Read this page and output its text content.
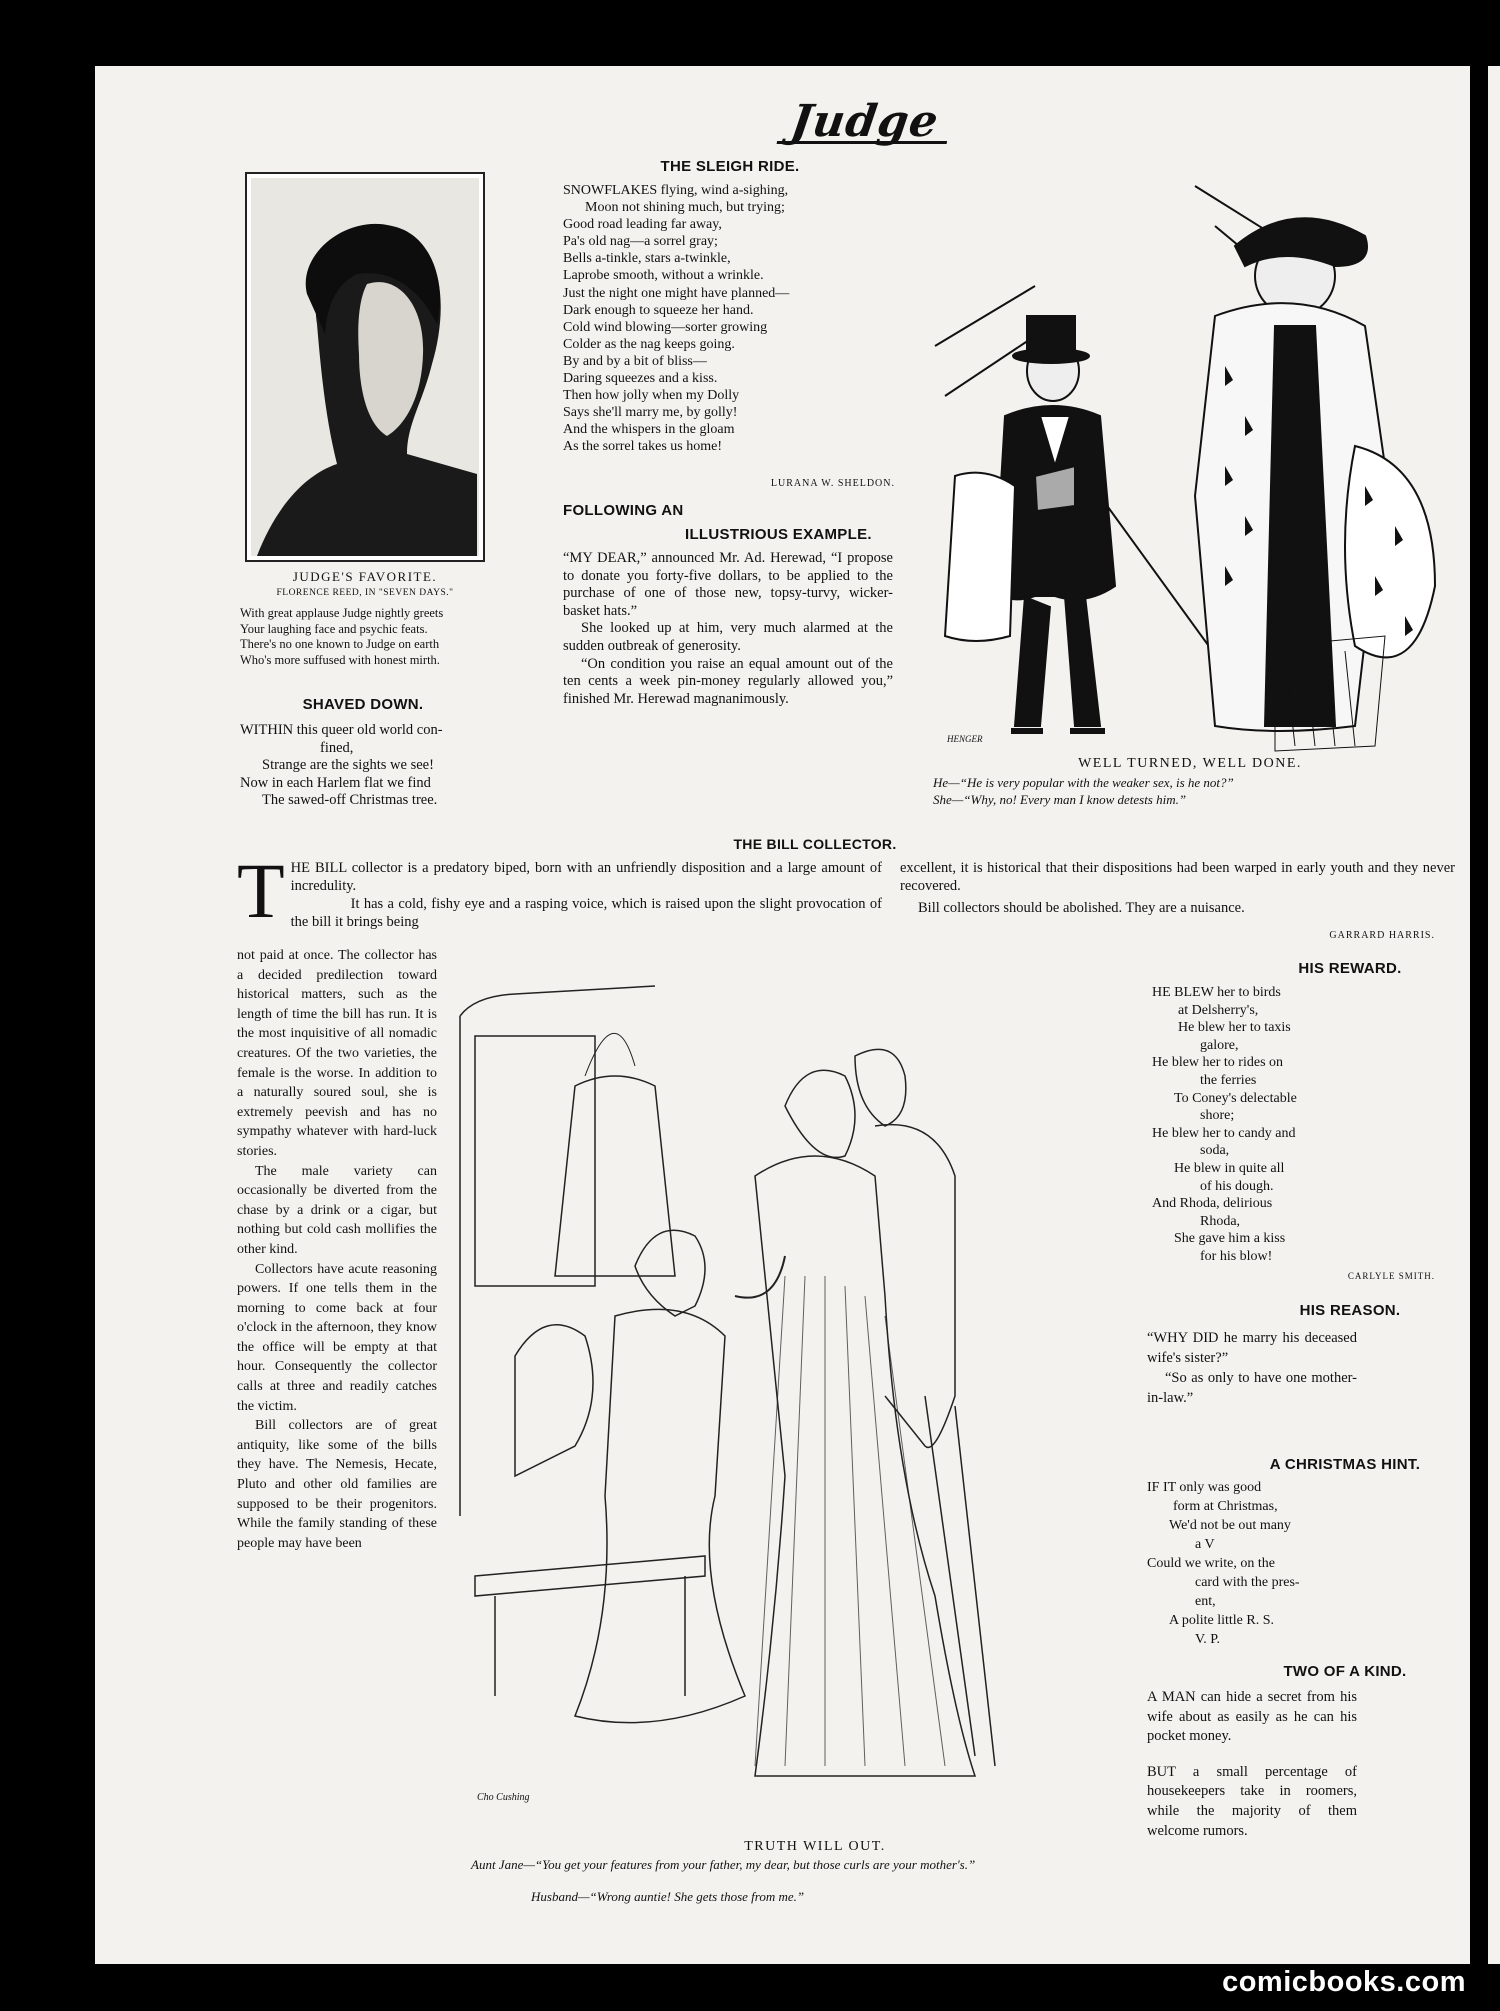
Judge
JUDGE'S FAVORITE.
FLORENCE REED, IN "SEVEN DAYS."
With great applause Judge nightly greets
Your laughing face and psychic feats.
There's no one known to Judge on earth
Who's more suffused with honest mirth.
SHAVED DOWN.
WITHIN this queer old world con-
fined,
Strange are the sights we see!
Now in each Harlem flat we find
The sawed-off Christmas tree.
THE SLEIGH RIDE.
SNOWFLAKES flying, wind a-sighing,
Moon not shining much, but trying;
Good road leading far away,
Pa's old nag—a sorrel gray;
Bells a-tinkle, stars a-twinkle,
Laprobe smooth, without a wrinkle.
Just the night one might have planned—
Dark enough to squeeze her hand.
Cold wind blowing—sorter growing
Colder as the nag keeps going.
By and by a bit of bliss—
Daring squeezes and a kiss.
Then how jolly when my Dolly
Says she'll marry me, by golly!
And the whispers in the gloam
As the sorrel takes us home!
LURANA W. SHELDON.
FOLLOWING AN
ILLUSTRIOUS EXAMPLE.

“MY DEAR,” announced Mr. Ad. Herewad, “I propose to donate you forty-five dollars, to be applied to the purchase of one of those new, topsy-turvy, wicker-basket hats.”

She looked up at him, very much alarmed at the sudden outbreak of generosity.

“On condition you raise an equal amount out of the ten cents a week pin-money regularly allowed you,” finished Mr. Herewad magnanimously.

HENGER
WELL TURNED, WELL DONE.
He—“He is very popular with the weaker sex, is he not?”
She—“Why, no! Every man I know detests him.”
THE BILL COLLECTOR.
T HE BILL collector is a predatory biped, born with an unfriendly disposition and a large amount of incredulity.
It has a cold, fishy eye and a rasping voice, which is raised upon the slight provocation of the bill it brings being

excellent, it is historical that their dispositions had been warped in early youth and they never recovered.

Bill collectors should be abolished. They are a nuisance.

GARRARD HARRIS.

not paid at once. The collector has a decided predilection toward historical matters, such as the length of time the bill has run. It is the most inquisitive of all nomadic creatures. Of the two varieties, the female is the worse. In addition to a naturally soured soul, she is extremely peevish and has no sympathy whatever with hard-luck stories.

The male variety can occasionally be diverted from the chase by a drink or a cigar, but nothing but cold cash mollifies the other kind.

Collectors have acute reasoning powers. If one tells them in the morning to come back at four o'clock in the afternoon, they know the office will be empty at that hour. Consequently the collector calls at three and readily catches the victim.

Bill collectors are of great antiquity, like some of the bills they have. The Nemesis, Hecate, Pluto and other old families are supposed to be their progenitors. While the family standing of these people may have been

Cho Cushing
TRUTH WILL OUT.
Aunt Jane—“You get your features from your father, my dear, but those curls are your mother's.”
Husband—“Wrong auntie! She gets those from me.”
HIS REWARD.
HE BLEW her to birds
at Delsherry's,
He blew her to taxis
galore,
He blew her to rides on
the ferries
To Coney's delectable
shore;
He blew her to candy and
soda,
He blew in quite all
of his dough.
And Rhoda, delirious
Rhoda,
She gave him a kiss
for his blow!
CARLYLE SMITH.
HIS REASON.

“WHY DID he marry his deceased wife's sister?”

“So as only to have one mother-in-law.”

A CHRISTMAS HINT.
IF IT only was good
form at Christmas,
We'd not be out many
a V
Could we write, on the
card with the pres-
ent,
A polite little R. S.
V. P.
TWO OF A KIND.

A MAN can hide a secret from his wife about as easily as he can his pocket money.

BUT a small percentage of housekeepers take in roomers, while the majority of them welcome rumors.

comicbooks.com
